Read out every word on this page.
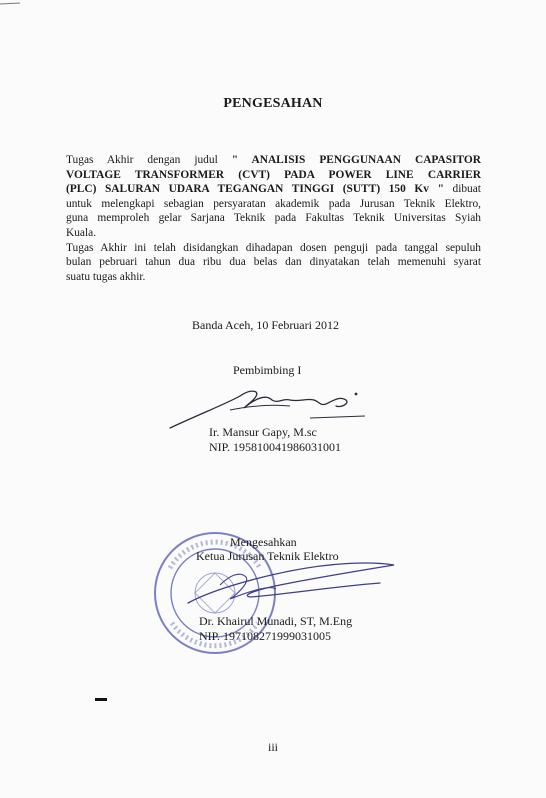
PENGESAHAN

Tugas Akhir dengan judul " ANALISIS PENGGUNAAN CAPASITOR
VOLTAGE TRANSFORMER (CVT) PADA POWER LINE CARRIER
(PLC) SALURAN UDARA TEGANGAN TINGGI (SUTT) 150 Kv " dibuat
untuk melengkapi sebagian persyaratan akademik pada Jurusan Teknik Elektro,
guna memproleh gelar Sarjana Teknik pada Fakultas Teknik Universitas Syiah
Kuala.

Tugas Akhir ini telah disidangkan dihadapan dosen penguji pada tanggal sepuluh
bulan pebruari tahun dua ribu dua belas dan dinyatakan telah memenuhi syarat
suatu tugas akhir.

Banda Aceh, 10 Februari 2012
Pembimbing I
Ir. Mansur Gapy, M.sc
NIP. 195810041986031001
Mengesahkan
Ketua Jurusan Teknik Elektro
Dr. Khairul Munadi, ST, M.Eng
NIP. 197108271999031005
iii
